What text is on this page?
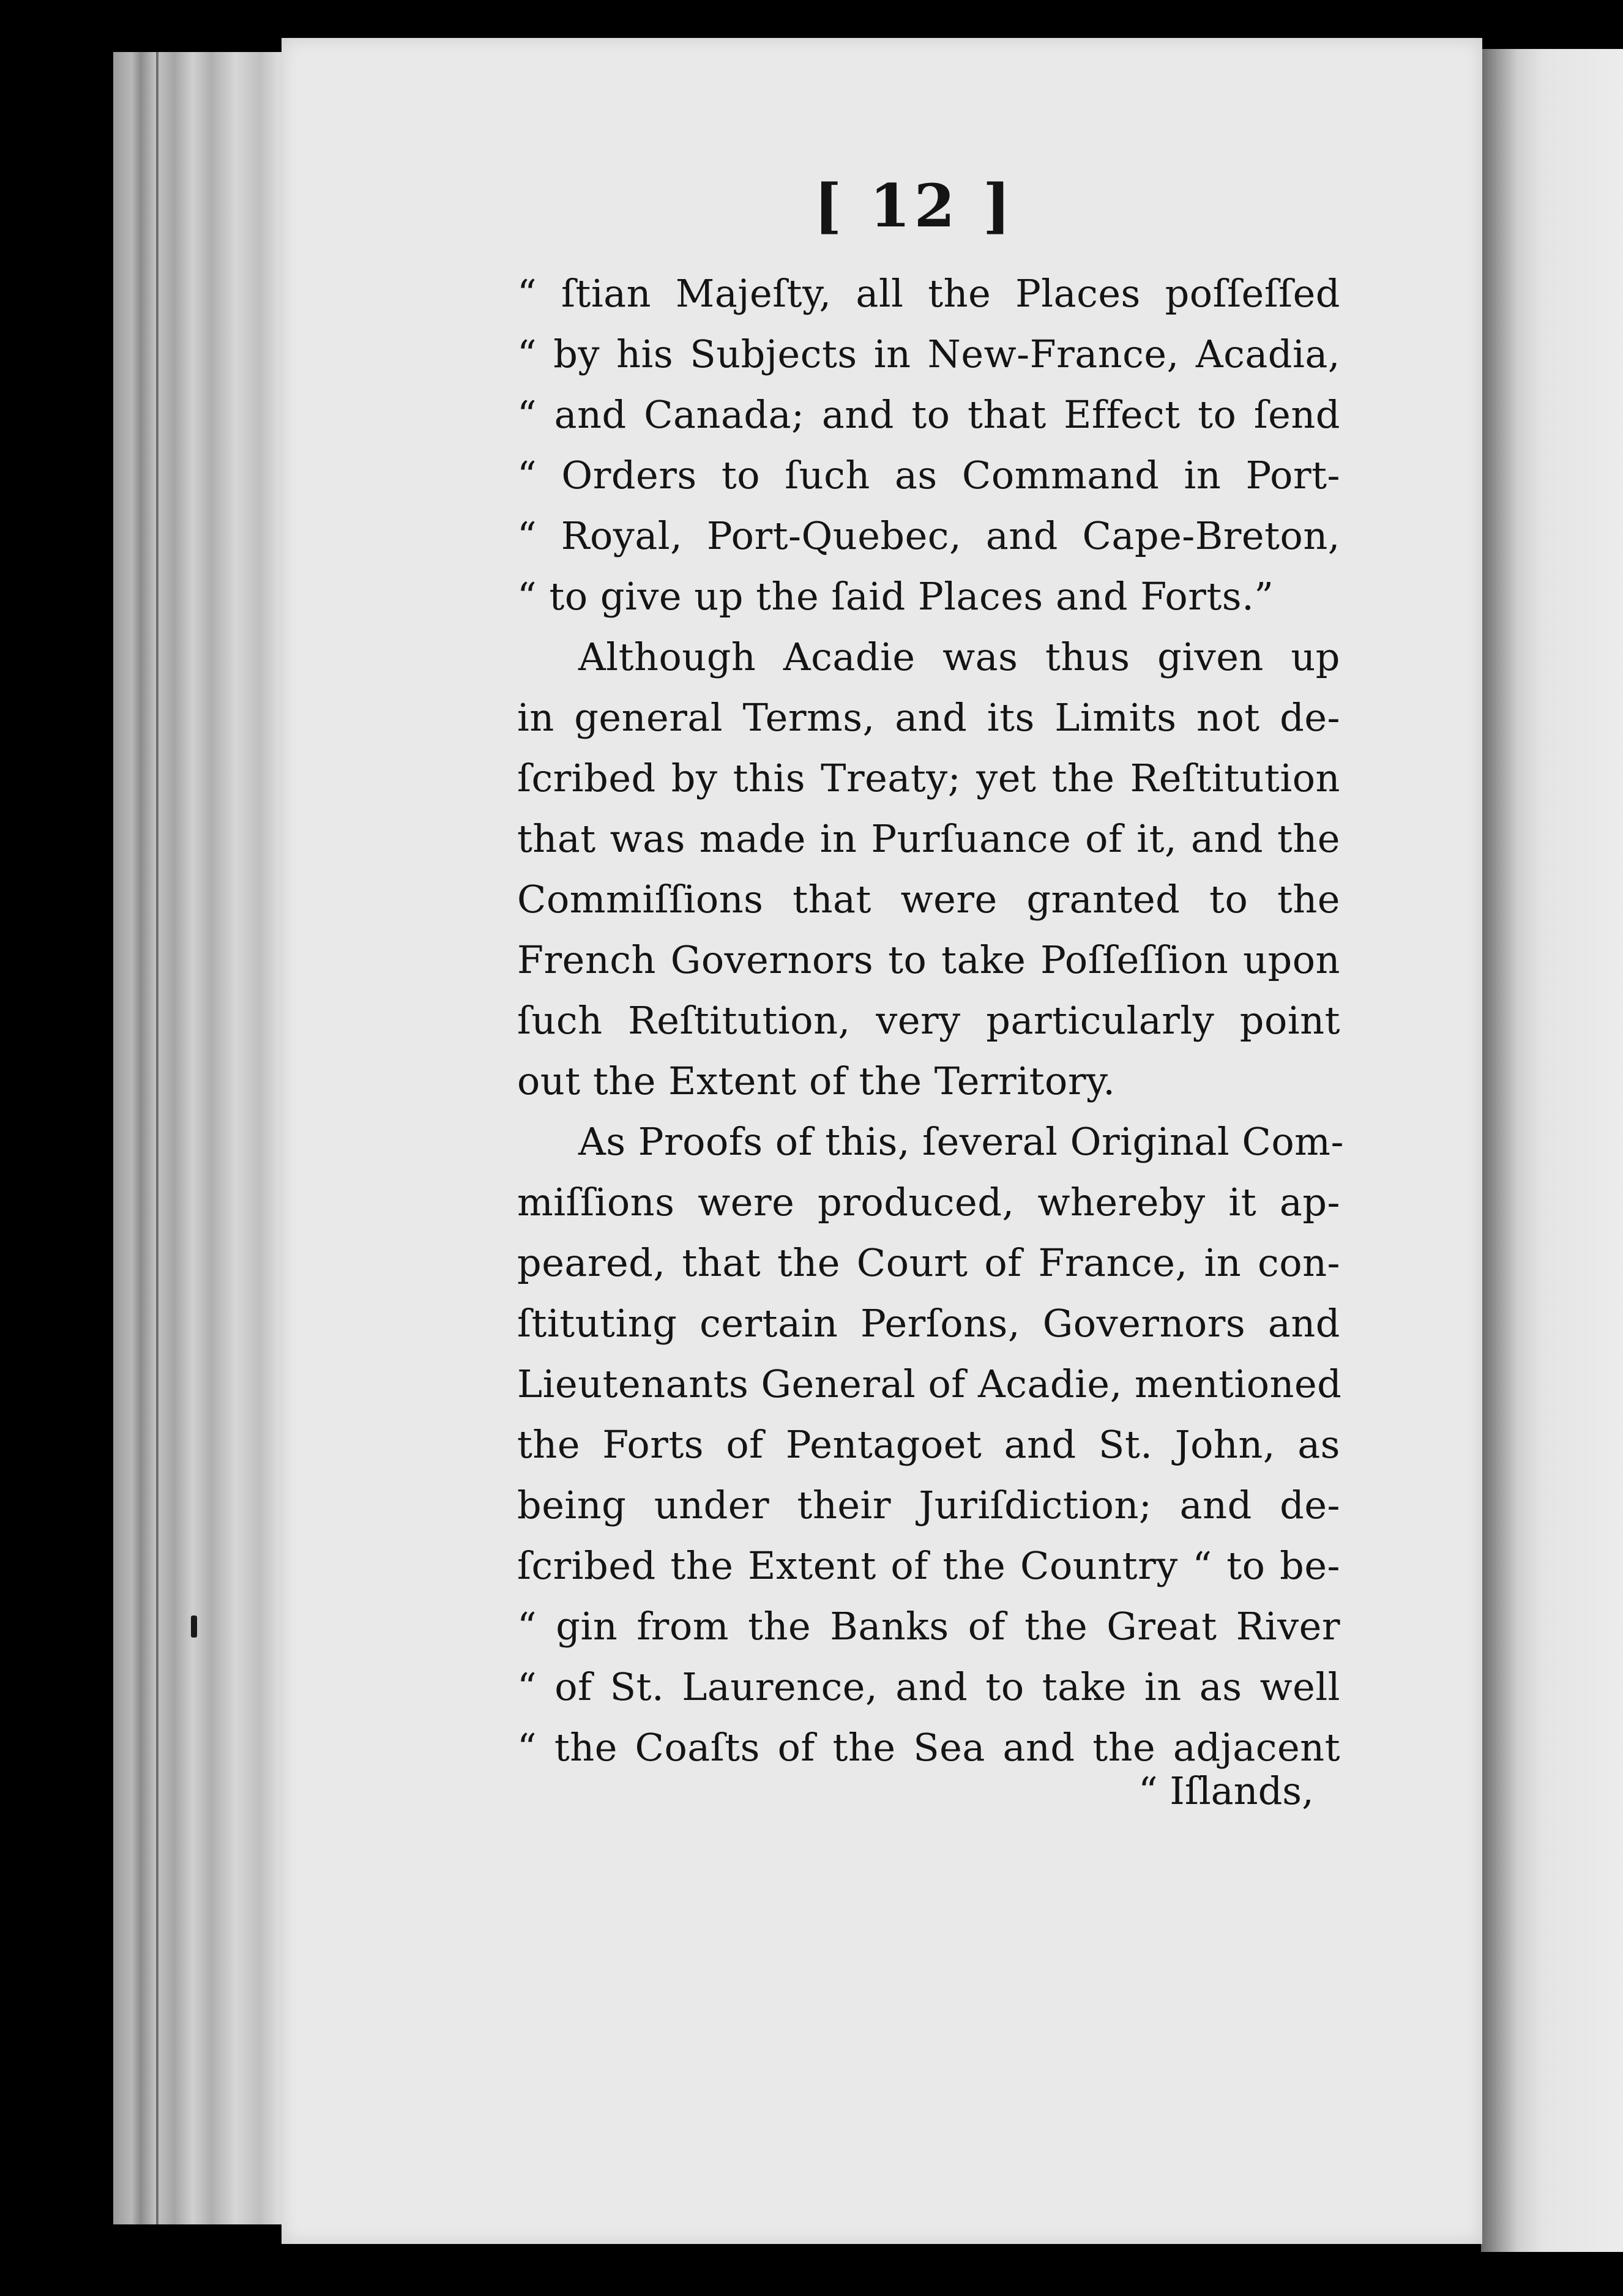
[ 12 ]
“ ſtian Majeſty, all the Places poſſeſſed
“ by his Subjects in New-France, Acadia,
“ and Canada; and to that Effect to ſend
“ Orders to ſuch as Command in Port-
“ Royal, Port-Quebec, and Cape-Breton,
“ to give up the ſaid Places and Forts.”
Although Acadie was thus given up
in general Terms, and its Limits not de-
ſcribed by this Treaty; yet the Reſtitution
that was made in Purſuance of it, and the
Commiſſions that were granted to the
French Governors to take Poſſeſſion upon
ſuch Reſtitution, very particularly point
out the Extent of the Territory.
As Proofs of this, ſeveral Original Com-
miſſions were produced, whereby it ap-
peared, that the Court of France, in con-
ſtituting certain Perſons, Governors and
Lieutenants General of Acadie, mentioned
the Forts of Pentagoet and St. John, as
being under their Juriſdiction; and de-
ſcribed the Extent of the Country “ to be-
“ gin from the Banks of the Great River
“ of St. Laurence, and to take in as well
“ the Coaſts of the Sea and the adjacent
“ Iſlands,
